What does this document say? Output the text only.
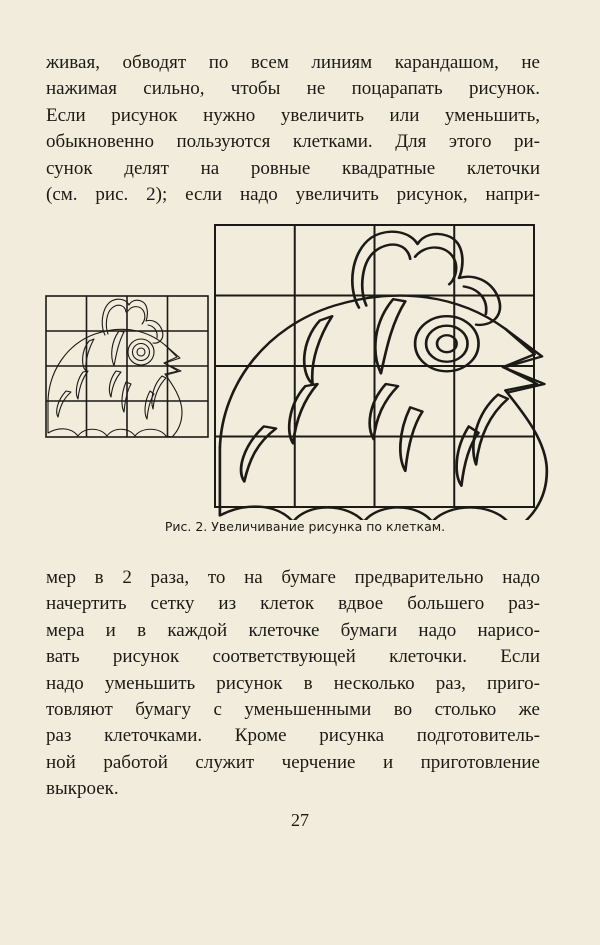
живая, обводят по всем линиям карандашом, не
нажимая сильно, чтобы не поцарапать рисунок.
Если рисунок нужно увеличить или уменьшить,
обыкновенно пользуются клетками. Для этого ри-
сунок делят на ровные квадратные клеточки
(см. рис. 2); если надо увеличить рисунок, напри-
Рис. 2. Увеличивание рисунка по клеткам.
мер в 2 раза, то на бумаге предварительно надо
начертить сетку из клеток вдвое большего раз-
мера и в каждой клеточке бумаги надо нарисо-
вать рисунок соответствующей клеточки. Если
надо уменьшить рисунок в несколько раз, приго-
товляют бумагу с уменьшенными во столько же
раз клеточками. Кроме рисунка подготовитель-
ной работой служит черчение и приготовление
выкроек.
27
